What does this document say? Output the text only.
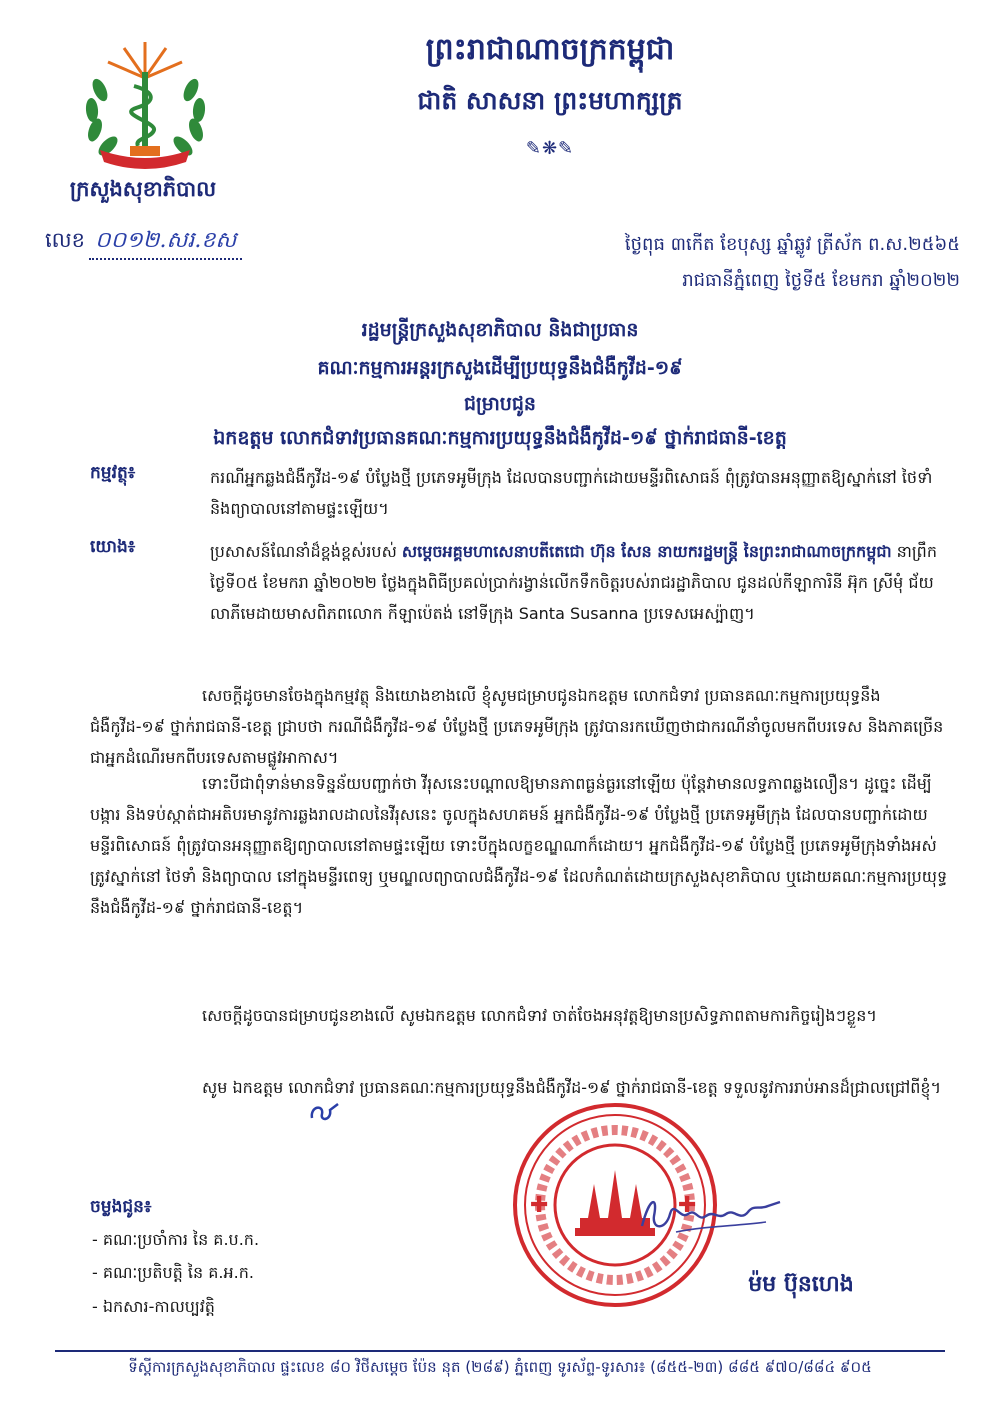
ក្រសួងសុខាភិបាល
ព្រះរាជាណាចក្រកម្ពុជា
ជាតិ សាសនា ព្រះមហាក្សត្រ
✎❋✎
លេខ ០០១២.សរ.ខស	ថ្ងៃពុធ ៣កើត ខែបុស្ស ឆ្នាំឆ្លូវ ត្រីស័ក ព.ស.២៥៦៥
រាជធានីភ្នំពេញ ថ្ងៃទី៥ ខែមករា ឆ្នាំ២០២២
រដ្ឋមន្ត្រីក្រសួងសុខាភិបាល និងជាប្រធាន
គណៈកម្មការអន្តរក្រសួងដើម្បីប្រយុទ្ធនឹងជំងឺកូវីដ-១៩
ជម្រាបជូន
ឯកឧត្តម លោកជំទាវប្រធានគណៈកម្មការប្រយុទ្ធនឹងជំងឺកូវីដ-១៩ ថ្នាក់រាជធានី-ខេត្ត
កម្មវត្ថុ៖	ករណីអ្នកឆ្លងជំងឺកូវីដ-១៩ បំប្លែងថ្មី ប្រភេទអូមីក្រុង ដែលបានបញ្ជាក់ដោយមន្ទីរពិសោធន៍ ពុំត្រូវបានអនុញ្ញាតឱ្យស្នាក់នៅ ថៃទាំ និងព្យាបាលនៅតាមផ្ទះឡើយ។
យោង៖	ប្រសាសន៍ណែនាំដ៏ខ្ពង់ខ្ពស់របស់ សម្ដេចអគ្គមហាសេនាបតីតេជោ ហ៊ុន សែន នាយករដ្ឋមន្ត្រី នៃព្រះរាជាណាចក្រកម្ពុជា នាព្រឹក ថ្ងៃទី០៥ ខែមករា ឆ្នាំ២០២២ ថ្លែងក្នុងពិធីប្រគល់ប្រាក់រង្វាន់លើកទឹកចិត្តរបស់រាជរដ្ឋាភិបាល ជូនដល់កីឡាការិនី អ៊ុក ស្រីមុំ ជ័យលាភីមេដាយមាសពិភពលោក កីឡាប៉េតង់ នៅទីក្រុង Santa Susanna ប្រទេសអេស្ប៉ាញ។
សេចក្ដីដូចមានចែងក្នុងកម្មវត្ថុ និងយោងខាងលើ ខ្ញុំសូមជម្រាបជូនឯកឧត្តម លោកជំទាវ ប្រធានគណៈកម្មការប្រយុទ្ធនឹងជំងឺកូវីដ-១៩ ថ្នាក់រាជធានី-ខេត្ត ជ្រាបថា ករណីជំងឺកូវីដ-១៩ បំប្លែងថ្មី ប្រភេទអូមីក្រុង ត្រូវបានរកឃើញថាជាករណីនាំចូលមកពីបរទេស និងភាគច្រើនជាអ្នកដំណើរមកពីបរទេសតាមផ្លូវអាកាស។
ទោះបីជាពុំទាន់មានទិន្នន័យបញ្ជាក់ថា វីរុសនេះបណ្ដាលឱ្យមានភាពធ្ងន់ធ្ងរនៅឡើយ ប៉ុន្តែវាមានលទ្ធភាពឆ្លងលឿន។ ដូច្នេះ ដើម្បីបង្ការ និងទប់ស្កាត់ជាអតិបរមានូវការឆ្លងរាលដាលនៃវីរុសនេះ ចូលក្នុងសហគមន៍ អ្នកជំងឺកូវីដ-១៩ បំប្លែងថ្មី ប្រភេទអូមីក្រុង ដែលបានបញ្ជាក់ដោយមន្ទីរពិសោធន៍ ពុំត្រូវបានអនុញ្ញាតឱ្យព្យាបាលនៅតាមផ្ទះឡើយ ទោះបីក្នុងលក្ខខណ្ឌណាក៏ដោយ។ អ្នកជំងឺកូវីដ-១៩ បំប្លែងថ្មី ប្រភេទអូមីក្រុងទាំងអស់ត្រូវស្នាក់នៅ ថៃទាំ និងព្យាបាល នៅក្នុងមន្ទីរពេទ្យ ឬមណ្ឌលព្យាបាលជំងឺកូវីដ-១៩ ដែលកំណត់ដោយក្រសួងសុខាភិបាល ឬដោយគណៈកម្មការប្រយុទ្ធនឹងជំងឺកូវីដ-១៩ ថ្នាក់រាជធានី-ខេត្ត។
សេចក្ដីដូចបានជម្រាបជូនខាងលើ សូមឯកឧត្តម លោកជំទាវ ចាត់ចែងអនុវត្តឱ្យមានប្រសិទ្ធភាពតាមការកិច្ចរៀងៗខ្លួន។
សូម ឯកឧត្តម លោកជំទាវ ប្រធានគណៈកម្មការប្រយុទ្ធនឹងជំងឺកូវីដ-១៩ ថ្នាក់រាជធានី-ខេត្ត ទទួលនូវការរាប់អានដ៏ជ្រាលជ្រៅពីខ្ញុំ។
✚	✚
ម៉ម ប៊ុនហេង
ចម្លងជូន៖
- គណៈប្រចាំការ នៃ គ.ប.ក.
- គណៈប្រតិបត្តិ នៃ គ.អ.ក.
- ឯកសារ-កាលប្បវត្តិ
ទីស្តីការក្រសួងសុខាភិបាល ផ្ទះលេខ ៨០ វិថីសម្ដេច ប៉ែន នុត (២៨៩) ភ្នំពេញ ទូរស័ព្ទ-ទូរសារ៖ (៨៥៥-២៣) ៨៨៥ ៩៧០/៨៨៤ ៩០៥
